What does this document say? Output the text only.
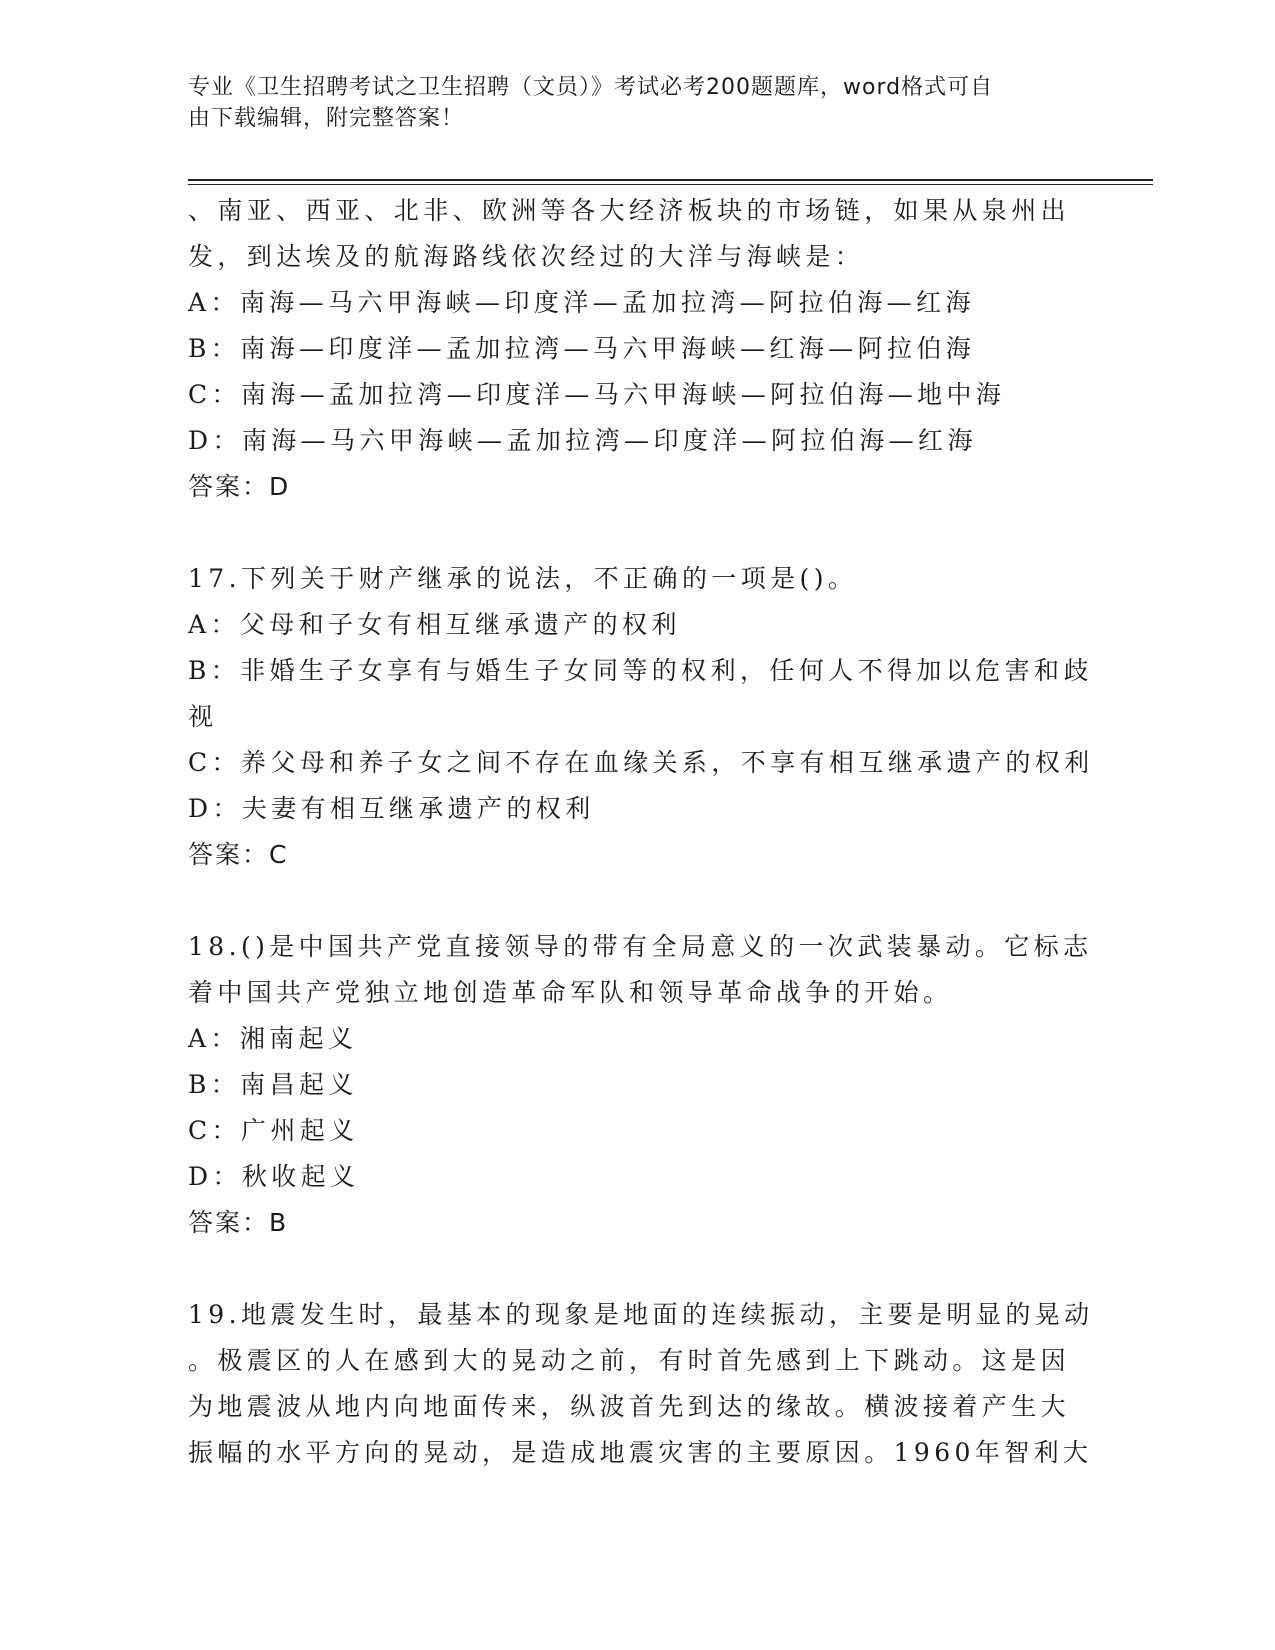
专业《卫生招聘考试之卫生招聘（文员）》考试必考200题题库，word格式可自
由下载编辑，附完整答案！
、南亚、西亚、北非、欧洲等各大经济板块的市场链，如果从泉州出
发，到达埃及的航海路线依次经过的大洋与海峡是：
A：南海—马六甲海峡—印度洋—孟加拉湾—阿拉伯海—红海
B：南海—印度洋—孟加拉湾—马六甲海峡—红海—阿拉伯海
C：南海—孟加拉湾—印度洋—马六甲海峡—阿拉伯海—地中海
D：南海—马六甲海峡—孟加拉湾—印度洋—阿拉伯海—红海
答案：D
17.下列关于财产继承的说法，不正确的一项是()。
A：父母和子女有相互继承遗产的权利
B：非婚生子女享有与婚生子女同等的权利，任何人不得加以危害和歧
视
C：养父母和养子女之间不存在血缘关系，不享有相互继承遗产的权利
D：夫妻有相互继承遗产的权利
答案：C
18.()是中国共产党直接领导的带有全局意义的一次武装暴动。它标志
着中国共产党独立地创造革命军队和领导革命战争的开始。
A：湘南起义
B：南昌起义
C：广州起义
D：秋收起义
答案：B
19.地震发生时，最基本的现象是地面的连续振动，主要是明显的晃动
。极震区的人在感到大的晃动之前，有时首先感到上下跳动。这是因
为地震波从地内向地面传来，纵波首先到达的缘故。横波接着产生大
振幅的水平方向的晃动，是造成地震灾害的主要原因。1960年智利大
